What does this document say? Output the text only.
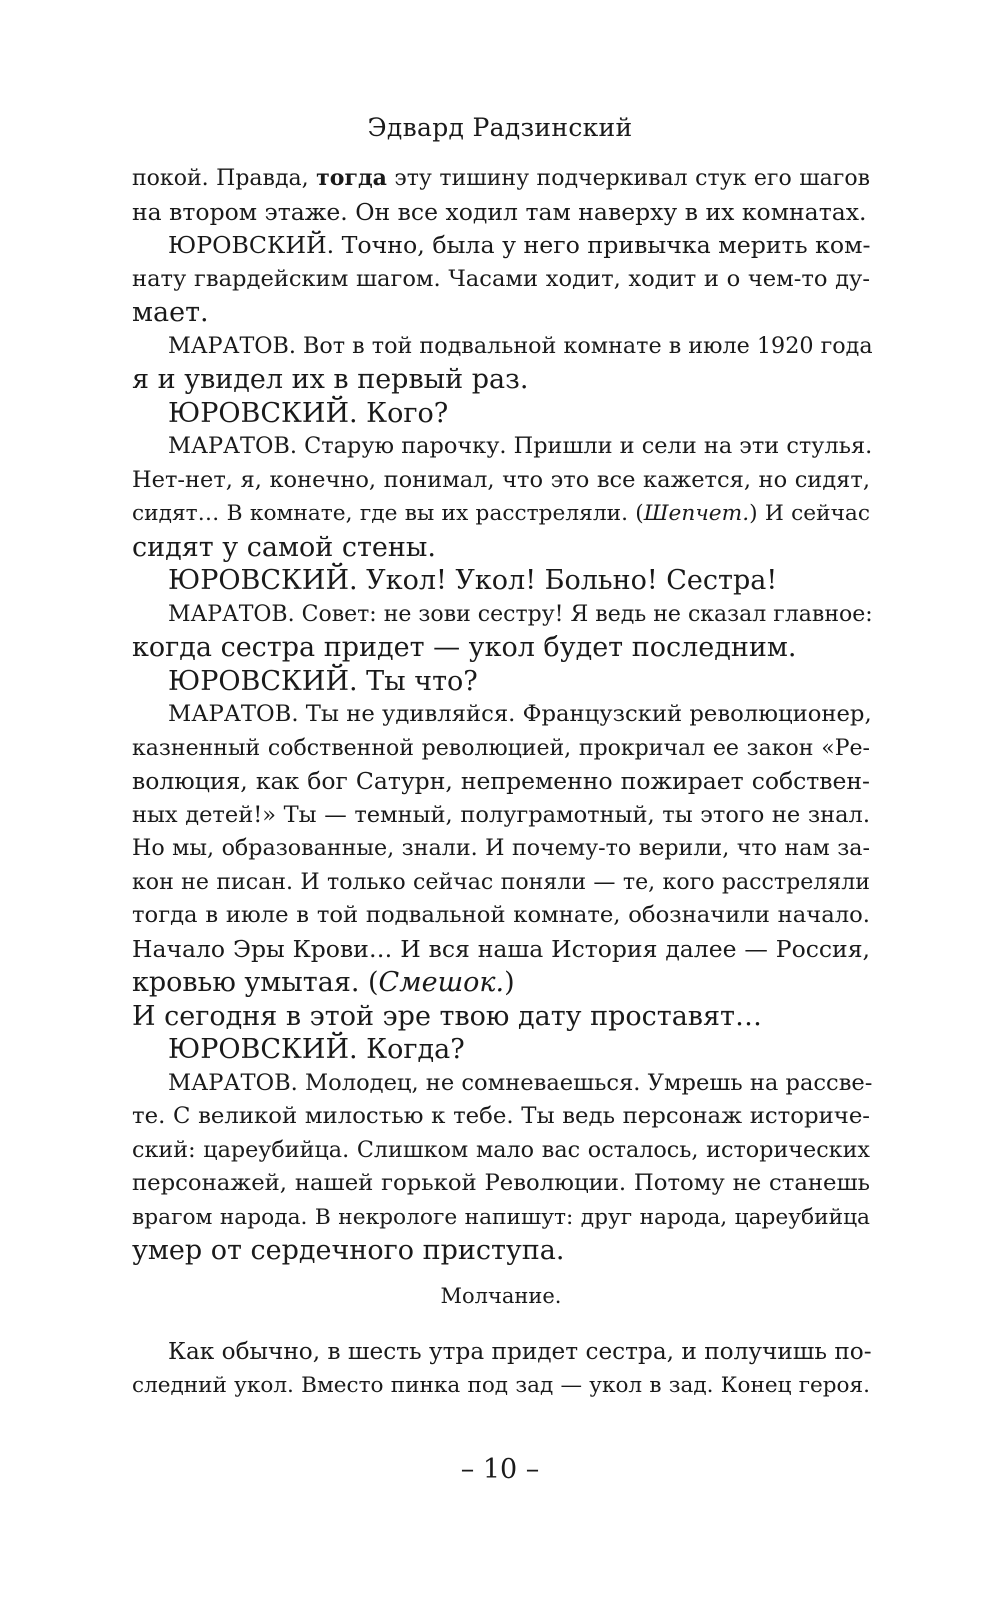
Эдвард Радзинский
покой. Правда, тогда эту тишину подчеркивал стук его шагов
на втором этаже. Он все ходил там наверху в их комнатах.
ЮРОВСКИЙ. Точно, была у него привычка мерить ком-
нату гвардейским шагом. Часами ходит, ходит и о чем-то ду-
мает.
МАРАТОВ. Вот в той подвальной комнате в июле 1920 года
я и увидел их в первый раз.
ЮРОВСКИЙ. Кого?
МАРАТОВ. Старую парочку. Пришли и сели на эти стулья.
Нет-нет, я, конечно, понимал, что это все кажется, но сидят,
сидят… В комнате, где вы их расстреляли. (Шепчет.) И сейчас
сидят у самой стены.
ЮРОВСКИЙ. Укол! Укол! Больно! Сестра!
МАРАТОВ. Совет: не зови сестру! Я ведь не сказал главное:
когда сестра придет — укол будет последним.
ЮРОВСКИЙ. Ты что?
МАРАТОВ. Ты не удивляйся. Французский революционер,
казненный собственной революцией, прокричал ее закон «Ре-
волюция, как бог Сатурн, непременно пожирает собствен-
ных детей!» Ты — темный, полуграмотный, ты этого не знал.
Но мы, образованные, знали. И почему-то верили, что нам за-
кон не писан. И только сейчас поняли — те, кого расстреляли
тогда в июле в той подвальной комнате, обозначили начало.
Начало Эры Крови… И вся наша История далее — Россия,
кровью умытая. (Смешок.)
И сегодня в этой эре твою дату проставят…
ЮРОВСКИЙ. Когда?
МАРАТОВ. Молодец, не сомневаешься. Умрешь на рассве-
те. С великой милостью к тебе. Ты ведь персонаж историче-
ский: цареубийца. Слишком мало вас осталось, исторических
персонажей, нашей горькой Революции. Потому не станешь
врагом народа. В некрологе напишут: друг народа, цареубийца
умер от сердечного приступа.
Молчание.
Как обычно, в шесть утра придет сестра, и получишь по-
следний укол. Вместо пинка под зад — укол в зад. Конец героя.
– 10 –
